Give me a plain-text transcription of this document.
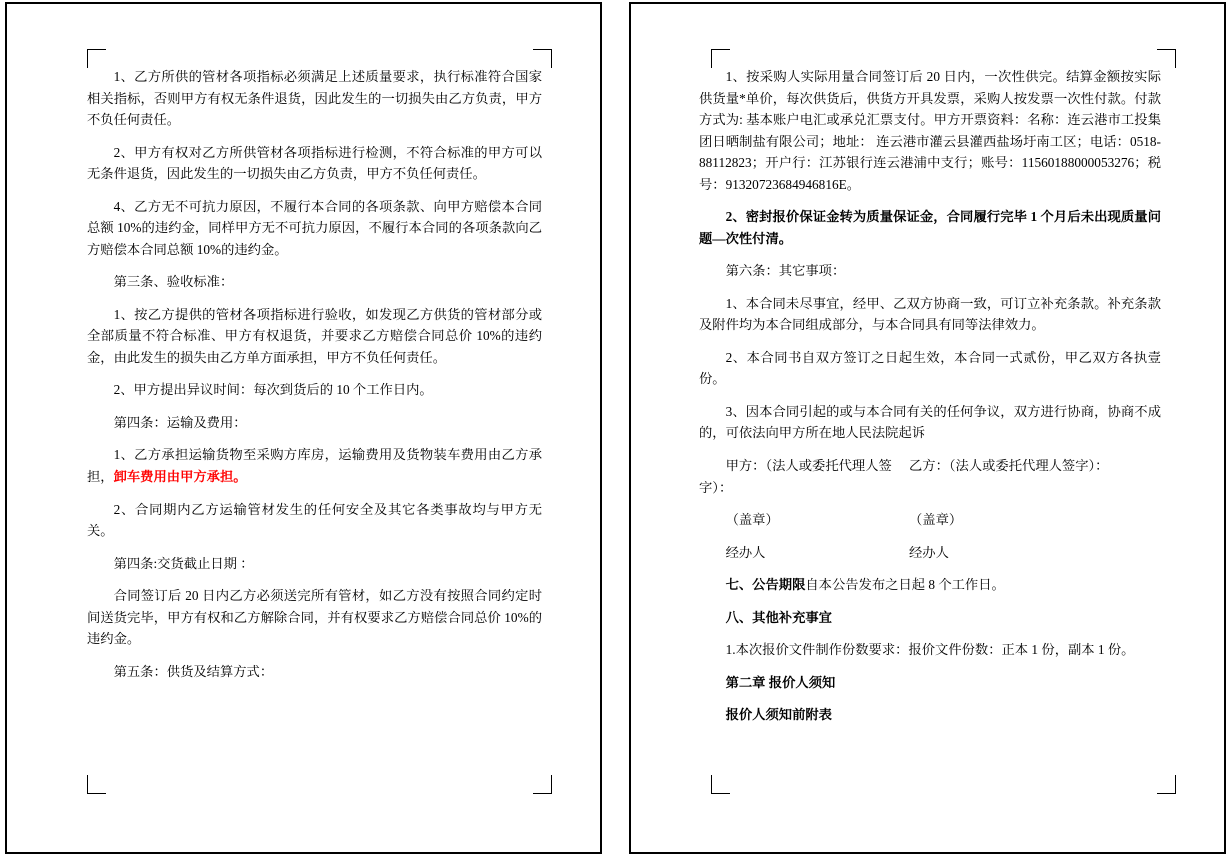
1、乙方所供的管材各项指标必须满足上述质量要求，执行标准符合国家相关指标，否则甲方有权无条件退货，因此发生的一切损失由乙方负责，甲方不负任何责任。

2、甲方有权对乙方所供管材各项指标进行检测，不符合标准的甲方可以无条件退货，因此发生的一切损失由乙方负责，甲方不负任何责任。

4、乙方无不可抗力原因，不履行本合同的各项条款、向甲方赔偿本合同总额 10%的违约金，同样甲方无不可抗力原因，不履行本合同的各项条款向乙方赔偿本合同总额 10%的违约金。

第三条、验收标准：

1、按乙方提供的管材各项指标进行验收，如发现乙方供货的管材部分或全部质量不符合标准、甲方有权退货，并要求乙方赔偿合同总价 10%的违约金，由此发生的损失由乙方单方面承担，甲方不负任何责任。

2、甲方提出异议时间：每次到货后的 10 个工作日内。

第四条：运输及费用：

1、乙方承担运输货物至采购方库房，运输费用及货物装车费用由乙方承担，卸车费用由甲方承担。

2、合同期内乙方运输管材发生的任何安全及其它各类事故均与甲方无关。

第四条:交货截止日期 ：

合同签订后 20 日内乙方必须送完所有管材，如乙方没有按照合同约定时间送货完毕，甲方有权和乙方解除合同，并有权要求乙方赔偿合同总价 10%的违约金。

第五条：供货及结算方式：

1、按采购人实际用量合同签订后 20 日内，一次性供完。结算金额按实际供货量*单价，每次供货后，供货方开具发票，采购人按发票一次性付款。付款方式为: 基本账户电汇或承兑汇票支付。甲方开票资料：名称：连云港市工投集团日晒制盐有限公司；地址： 连云港市灌云县灌西盐场圩南工区；电话：0518-88112823；开户行：江苏银行连云港浦中支行；账号：11560188000053276；税号：91320723684946816E。

2、密封报价保证金转为质量保证金，合同履行完毕 1 个月后未出现质量问题—次性付清。

第六条：其它事项：

1、本合同未尽事宜，经甲、乙双方协商一致，可订立补充条款。补充条款及附件均为本合同组成部分，与本合同具有同等法律效力。

2、本合同书自双方签订之日起生效，本合同一式贰份，甲乙双方各执壹份。

3、因本合同引起的或与本合同有关的任何争议，双方进行协商，协商不成的，可依法向甲方所在地人民法院起诉

甲方：（法人或委托代理人签字）：
乙方：（法人或委托代理人签字）：
（盖章）	（盖章）
经办人	经办人

七、公告期限自本公告发布之日起 8 个工作日。

八、其他补充事宜

1.本次报价文件制作份数要求：报价文件份数：正本 1 份，副本 1 份。

第二章 报价人须知

报价人须知前附表
